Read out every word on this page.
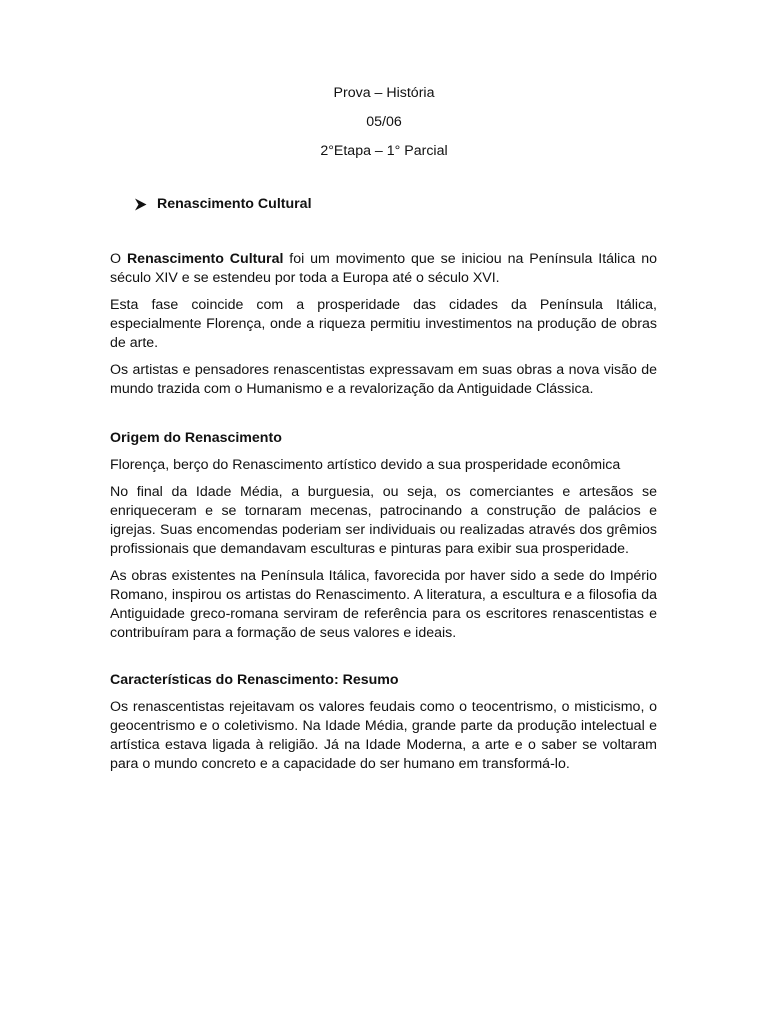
Prova – História
05/06
2°Etapa – 1° Parcial
Renascimento Cultural

O Renascimento Cultural foi um movimento que se iniciou na Península Itálica no século XIV e se estendeu por toda a Europa até o século XVI.

Esta fase coincide com a prosperidade das cidades da Península Itálica, especialmente Florença, onde a riqueza permitiu investimentos na produção de obras de arte.

Os artistas e pensadores renascentistas expressavam em suas obras a nova visão de mundo trazida com o Humanismo e a revalorização da Antiguidade Clássica.

Origem do Renascimento

Florença, berço do Renascimento artístico devido a sua prosperidade econômica

No final da Idade Média, a burguesia, ou seja, os comerciantes e artesãos se enriqueceram e se tornaram mecenas, patrocinando a construção de palácios e igrejas. Suas encomendas poderiam ser individuais ou realizadas através dos grêmios profissionais que demandavam esculturas e pinturas para exibir sua prosperidade.

As obras existentes na Península Itálica, favorecida por haver sido a sede do Império Romano, inspirou os artistas do Renascimento. A literatura, a escultura e a filosofia da Antiguidade greco-romana serviram de referência para os escritores renascentistas e contribuíram para a formação de seus valores e ideais.

Características do Renascimento: Resumo

Os renascentistas rejeitavam os valores feudais como o teocentrismo, o misticismo, o geocentrismo e o coletivismo. Na Idade Média, grande parte da produção intelectual e artística estava ligada à religião. Já na Idade Moderna, a arte e o saber se voltaram para o mundo concreto e a capacidade do ser humano em transformá-lo.
